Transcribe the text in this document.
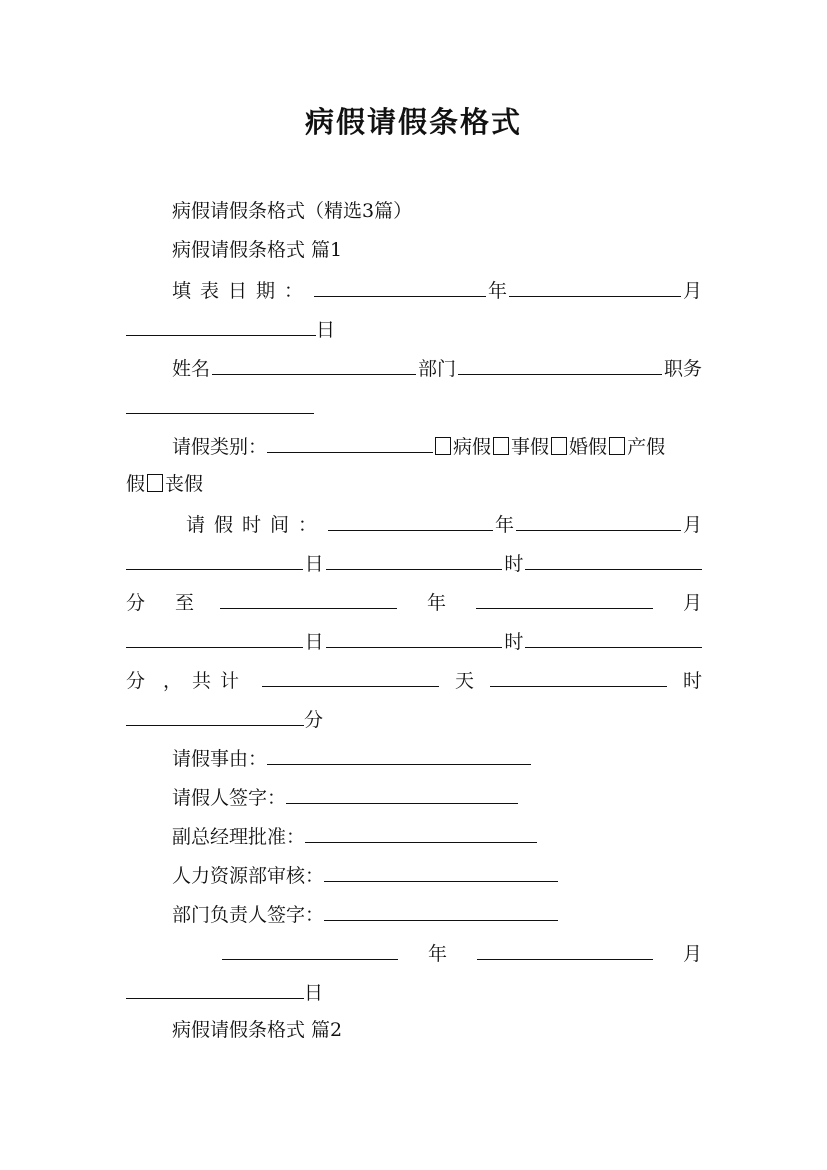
病假请假条格式
病假请假条格式（精选3篇）
病假请假条格式 篇1
填表日期：	年	月
日
姓名	部门	职务
请假类别：	病假 事假 婚假 产假
假 丧假
请假时间：	年	月
日	时
分 至	年	月
日	时
分 ， 共计	天	时
分
请假事由：
请假人签字：
副总经理批准：
人力资源部审核：
部门负责人签字：
年	月
日
病假请假条格式 篇2
